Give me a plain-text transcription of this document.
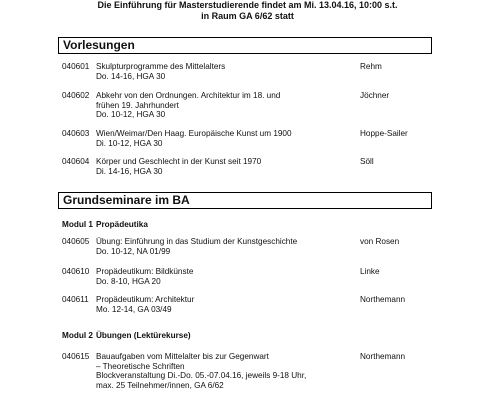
Die Einführung für Masterstudierende findet am Mi. 13.04.16, 10:00 s.t.
in Raum GA 6/62 statt
Vorlesungen
040601 Skulpturprogramme des Mittelalters
Do. 14-16, HGA 30
Rehm
040602 Abkehr von den Ordnungen. Architektur im 18. und
frühen 19. Jahrhundert
Do. 10-12, HGA 30
Jöchner
040603 Wien/Weimar/Den Haag. Europäische Kunst um 1900
Di. 10-12, HGA 30
Hoppe-Sailer
040604 Körper und Geschlecht in der Kunst seit 1970
Di. 14-16, HGA 30
Söll
Grundseminare im BA
Modul 1 Propädeutika
040605 Übung: Einführung in das Studium der Kunstgeschichte
Do. 10-12, NA 01/99
von Rosen
040610 Propädeutikum: Bildkünste
Do. 8-10, HGA 20
Linke
040611 Propädeutikum: Architektur
Mo. 12-14, GA 03/49
Northemann
Modul 2 Übungen (Lektürekurse)
040615 Bauaufgaben vom Mittelalter bis zur Gegenwart
– Theoretische Schriften
Blockveranstaltung Di.-Do. 05.-07.04.16, jeweils 9-18 Uhr,
max. 25 Teilnehmer/innen, GA 6/62
Northemann
